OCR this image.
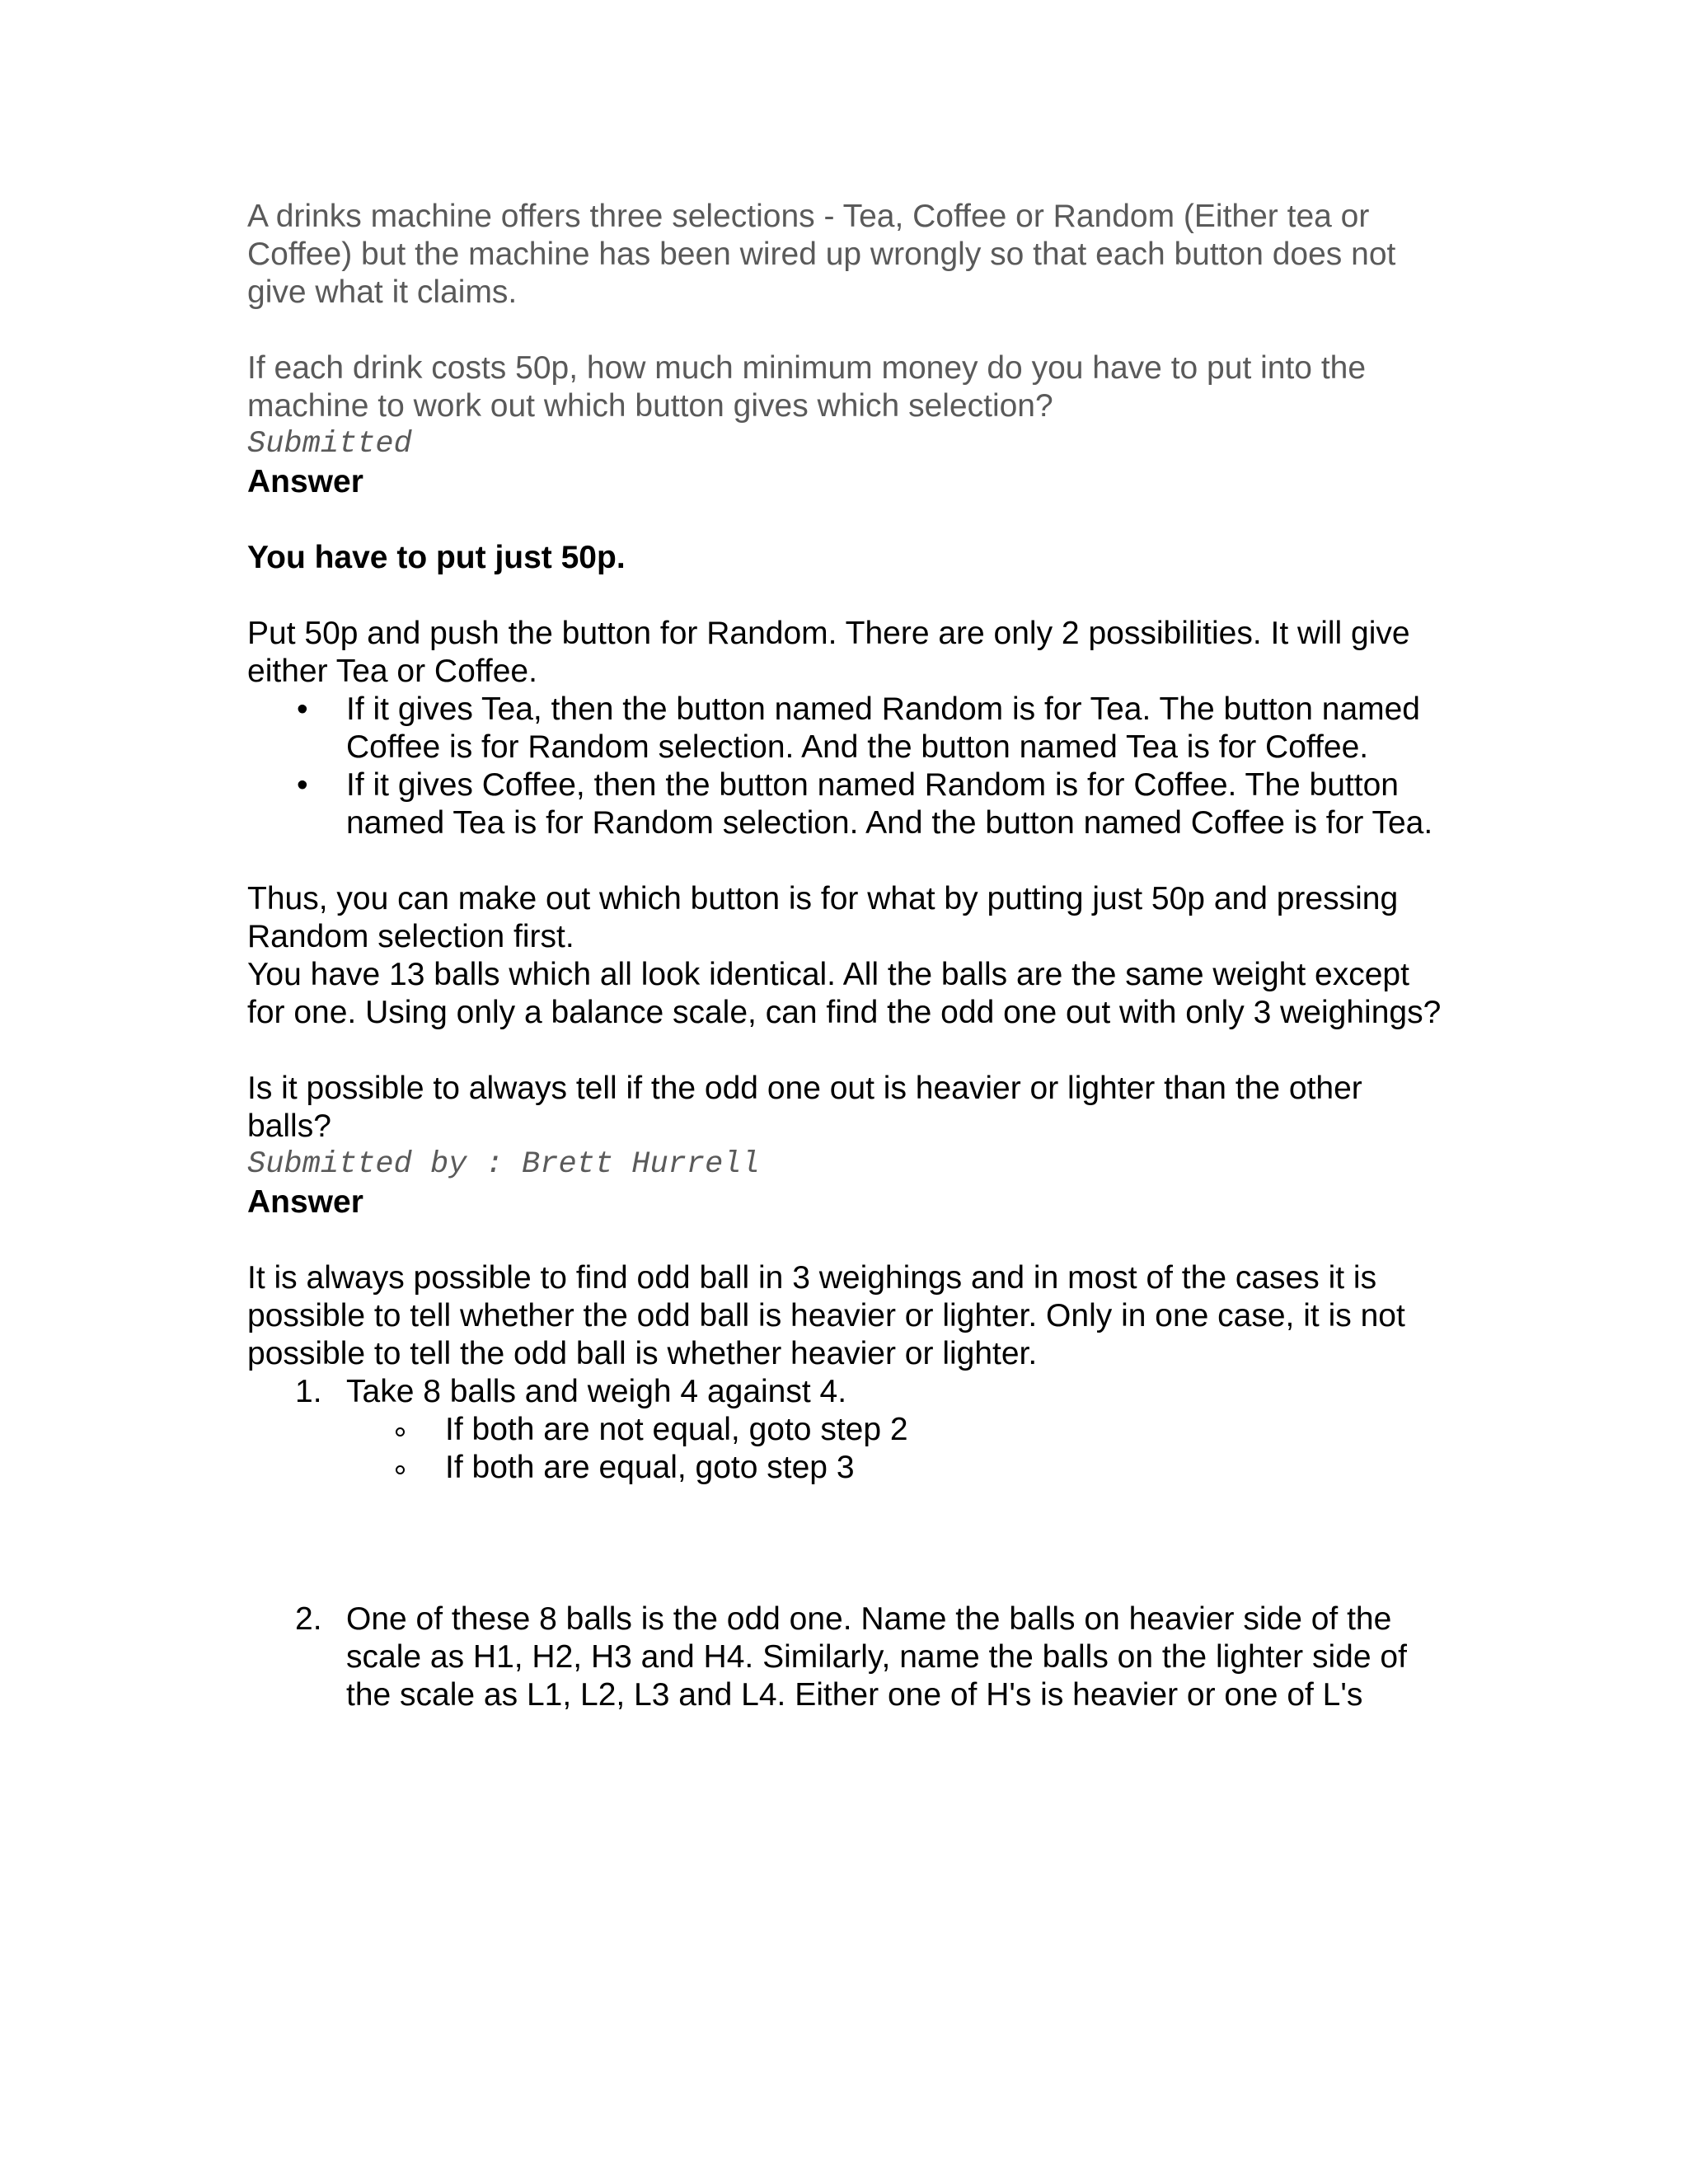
A drinks machine offers three selections - Tea, Coffee or Random (Either tea or Coffee) but the machine has been wired up wrongly so that each button does not give what it claims.

If each drink costs 50p, how much minimum money do you have to put into the machine to work out which button gives which selection?

Submitted

Answer

You have to put just 50p.

Put 50p and push the button for Random. There are only 2 possibilities. It will give either Tea or Coffee.

• If it gives Tea, then the button named Random is for Tea. The button named Coffee is for Random selection. And the button named Tea is for Coffee.
• If it gives Coffee, then the button named Random is for Coffee. The button named Tea is for Random selection. And the button named Coffee is for Tea.

Thus, you can make out which button is for what by putting just 50p and pressing Random selection first.

You have 13 balls which all look identical. All the balls are the same weight except for one. Using only a balance scale, can find the odd one out with only 3 weighings?

Is it possible to always tell if the odd one out is heavier or lighter than the other balls?

Submitted by : Brett Hurrell

Answer

It is always possible to find odd ball in 3 weighings and in most of the cases it is possible to tell whether the odd ball is heavier or lighter. Only in one case, it is not possible to tell the odd ball is whether heavier or lighter.

1. Take 8 balls and weigh 4 against 4.
If both are not equal, goto step 2
If both are equal, goto step 3
2. One of these 8 balls is the odd one. Name the balls on heavier side of the scale as H1, H2, H3 and H4. Similarly, name the balls on the lighter side of the scale as L1, L2, L3 and L4. Either one of H's is heavier or one of L's
